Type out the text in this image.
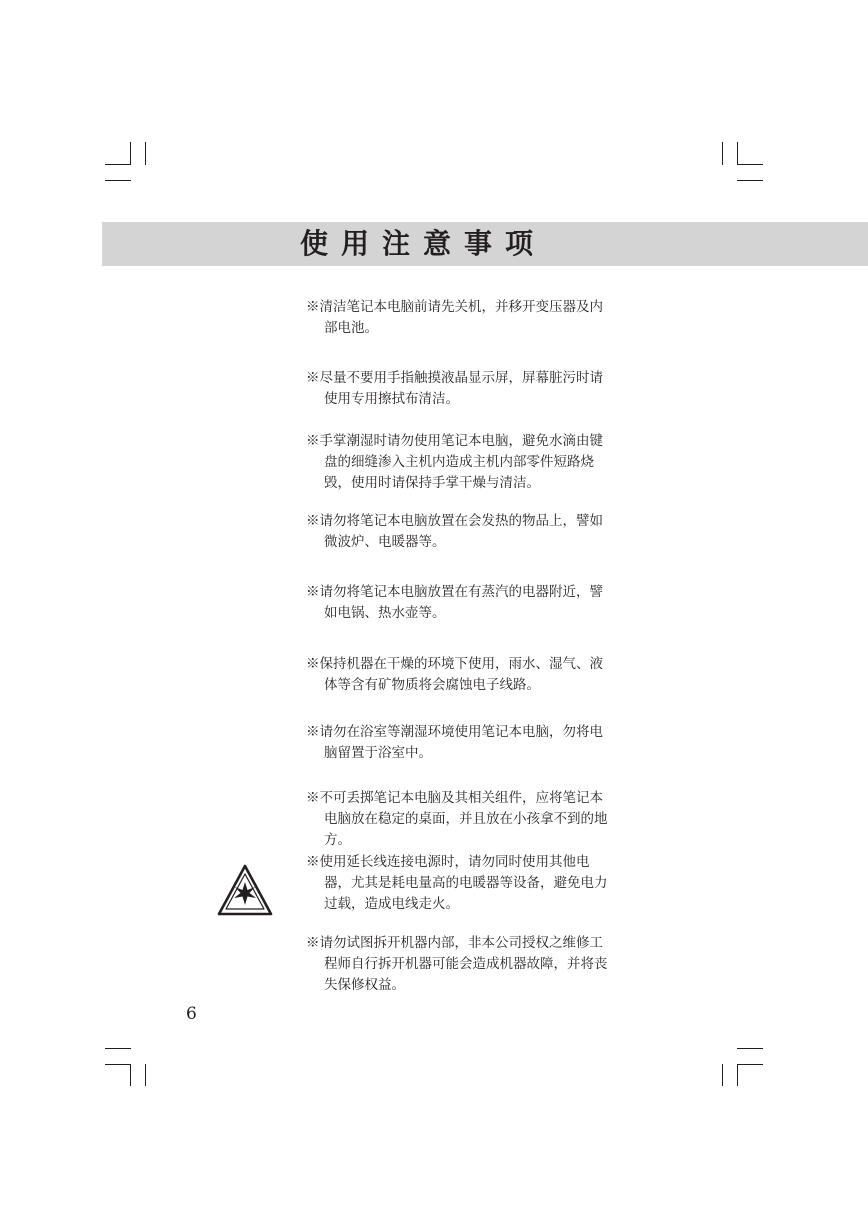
使用注意事项
※清洁笔记本电脑前请先关机，并移开变压器及内
部电池。
※尽量不要用手指触摸液晶显示屏，屏幕脏污时请
使用专用擦拭布清洁。
※手掌潮湿时请勿使用笔记本电脑，避免水滴由键
盘的细缝渗入主机内造成主机内部零件短路烧
毁，使用时请保持手掌干燥与清洁。
※请勿将笔记本电脑放置在会发热的物品上，譬如
微波炉、电暖器等。
※请勿将笔记本电脑放置在有蒸汽的电器附近，譬
如电锅、热水壶等。
※保持机器在干燥的环境下使用，雨水、湿气、液
体等含有矿物质将会腐蚀电子线路。
※请勿在浴室等潮湿环境使用笔记本电脑，勿将电
脑留置于浴室中。
※不可丢掷笔记本电脑及其相关组件，应将笔记本
电脑放在稳定的桌面，并且放在小孩拿不到的地
方。
※使用延长线连接电源时，请勿同时使用其他电
器，尤其是耗电量高的电暖器等设备，避免电力
过载，造成电线走火。
※请勿试图拆开机器内部，非本公司授权之维修工
程师自行拆开机器可能会造成机器故障，并将丧
失保修权益。
6
